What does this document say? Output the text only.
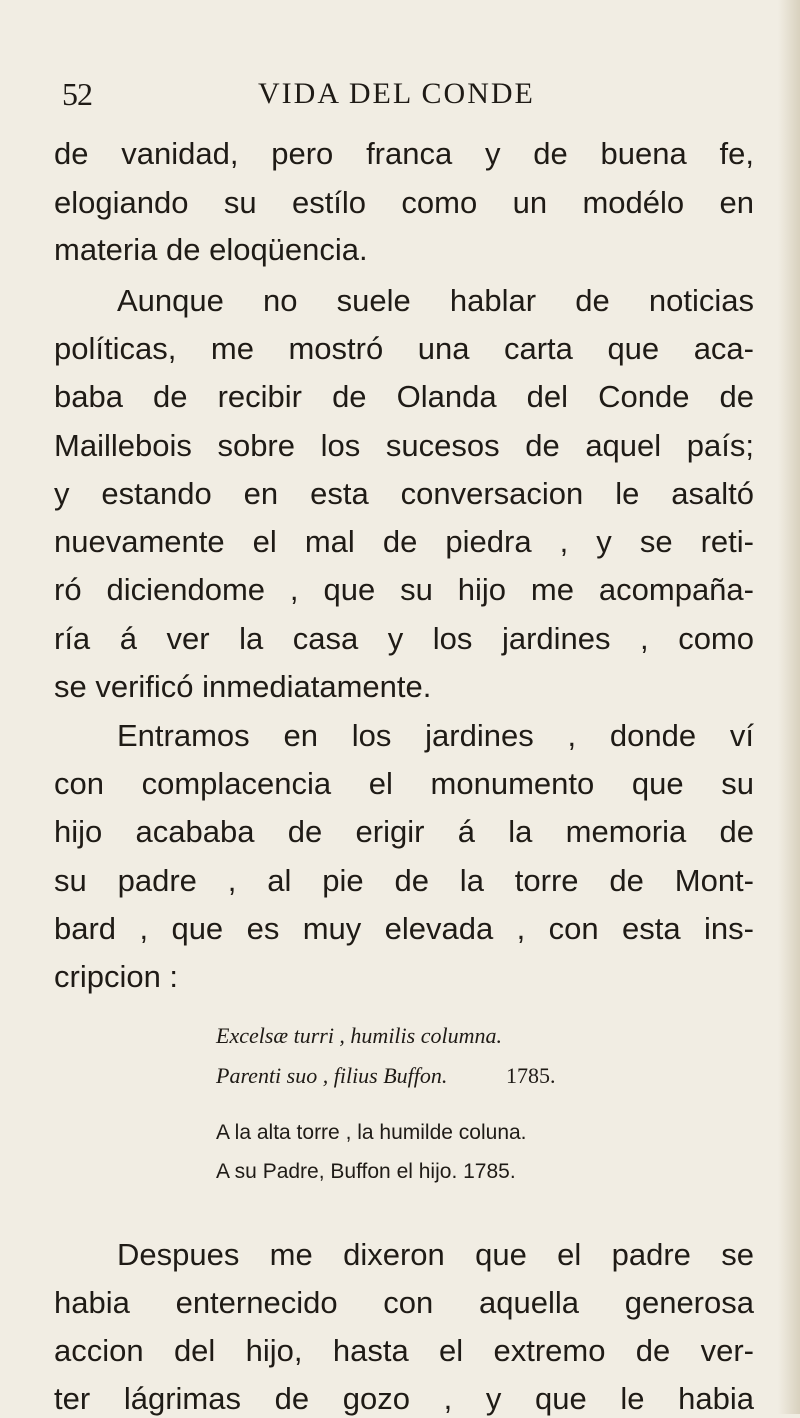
52	VIDA DEL CONDE
de vanidad, pero franca y de buena fe,
elogiando su estílo como un modélo en
materia de eloqüencia.
Aunque no suele hablar de noticias
políticas, me mostró una carta que aca-
baba de recibir de Olanda del Conde de
Maillebois sobre los sucesos de aquel país;
y estando en esta conversacion le asaltó
nuevamente el mal de piedra , y se reti-
ró diciendome , que su hijo me acompaña-
ría á ver la casa y los jardines , como
se verificó inmediatamente.
Entramos en los jardines , donde ví
con complacencia el monumento que su
hijo acababa de erigir á la memoria de
su padre , al pie de la torre de Mont-
bard , que es muy elevada , con esta ins-
cripcion :
Excelsæ turri , humilis columna.
Parenti suo , filius Buffon.	1785.
A la alta torre , la humilde coluna.
A su Padre, Buffon el hijo. 1785.
Despues me dixeron que el padre se
habia enternecido con aquella generosa
accion del hijo, hasta el extremo de ver-
ter lágrimas de gozo , y que le habia
